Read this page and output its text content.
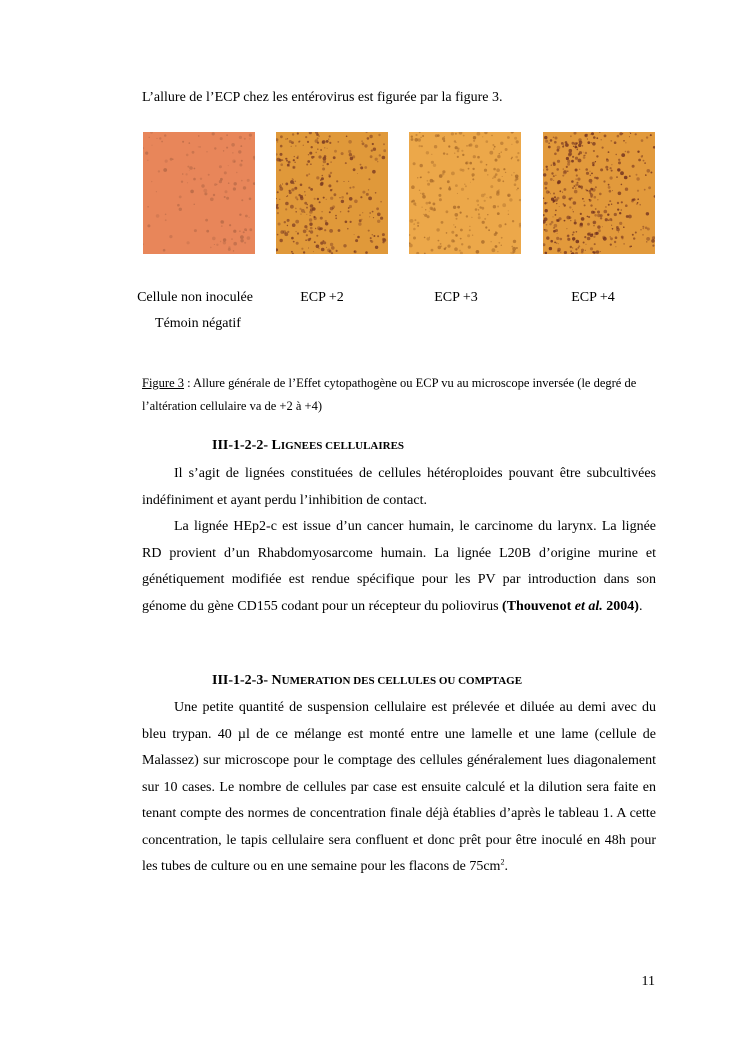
L’allure de l’ECP chez les entérovirus est figurée par la figure 3.
Cellule non inoculée
Témoin négatif
ECP +2	ECP +3	ECP +4
Figure 3 : Allure générale de l’Effet cytopathogène ou ECP vu au microscope inversée (le degré de l’altération cellulaire va de +2 à +4)
III-1-2-2- LIGNEES CELLULAIRES

Il s’agit de lignées constituées de cellules hétéroploides pouvant être subcultivées indéfiniment et ayant perdu l’inhibition de contact.

La lignée HEp2-c est issue d’un cancer humain, le carcinome du larynx. La lignée RD provient d’un Rhabdomyosarcome humain. La lignée L20B d’origine murine et génétiquement modifiée est rendue spécifique pour les PV par introduction dans son génome du gène CD155 codant pour un récepteur du poliovirus (Thouvenot et al. 2004).

III-1-2-3- NUMERATION DES CELLULES OU COMPTAGE

Une petite quantité de suspension cellulaire est prélevée et diluée au demi avec du bleu trypan. 40 µl de ce mélange est monté entre une lamelle et une lame (cellule de Malassez) sur microscope pour le comptage des cellules généralement lues diagonalement sur 10 cases. Le nombre de cellules par case est ensuite calculé et la dilution sera faite en tenant compte des normes de concentration finale déjà établies d’après le tableau 1. A cette concentration, le tapis cellulaire sera confluent et donc prêt pour être inoculé en 48h pour les tubes de culture ou en une semaine pour les flacons de $75cm^2$.

11
